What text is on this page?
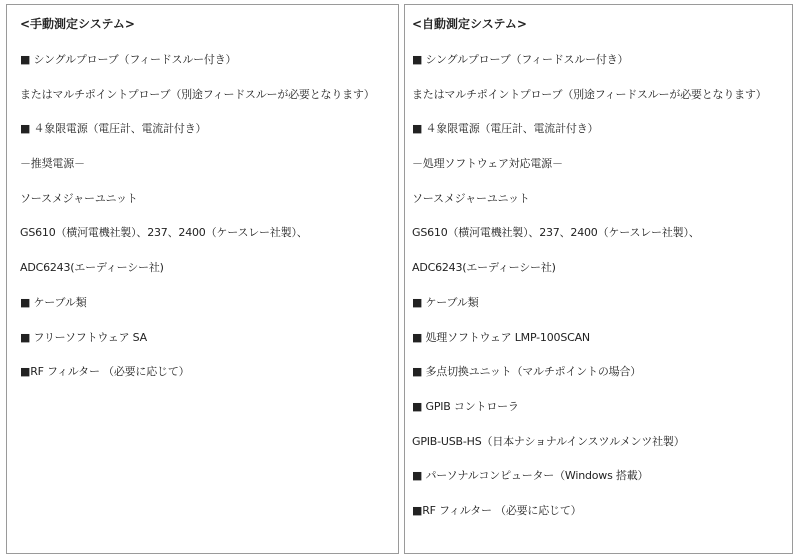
<手動測定システム>
■ シングルプローブ（フィードスルー付き）
またはマルチポイントプローブ（別途フィードスルーが必要となります）
■ ４象限電源（電圧計、電流計付き）
－推奨電源－
ソースメジャーユニット
GS610（横河電機社製）、237、2400（ケースレー社製）、
ADC6243(エーディーシー社)
■ ケーブル類
■ フリーソフトウェア SA
■RF フィルター （必要に応じて）
<自動測定システム>
■ シングルプローブ（フィードスルー付き）
またはマルチポイントプローブ（別途フィードスルーが必要となります）
■ ４象限電源（電圧計、電流計付き）
－処理ソフトウェア対応電源－
ソースメジャーユニット
GS610（横河電機社製）、237、2400（ケースレー社製）、
ADC6243(エーディーシー社)
■ ケーブル類
■ 処理ソフトウェア LMP-100SCAN
■ 多点切換ユニット（マルチポイントの場合）
■ GPIB コントローラ
GPIB-USB-HS（日本ナショナルインスツルメンツ社製）
■ パーソナルコンピューター（Windows 搭載）
■RF フィルター （必要に応じて）
